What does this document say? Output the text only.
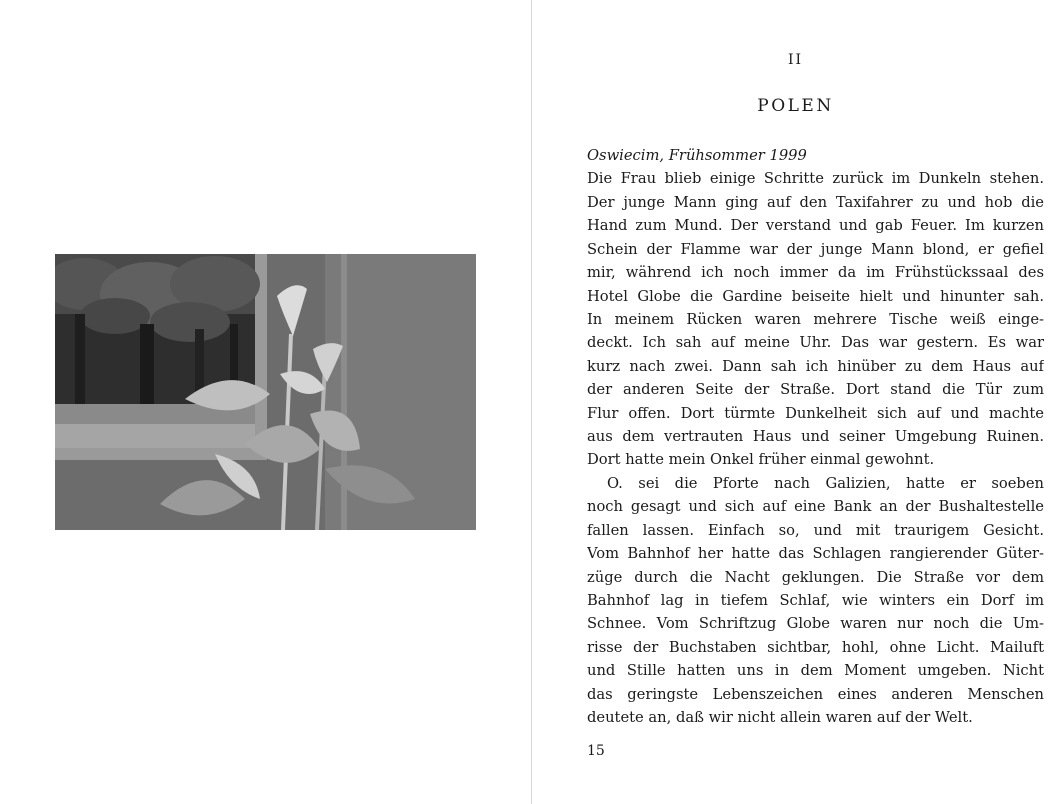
II
POLEN
Oswiecim, Frühsommer 1999
Die Frau blieb einige Schritte zurück im Dunkeln stehen.
Der junge Mann ging auf den Taxifahrer zu und hob die
Hand zum Mund. Der verstand und gab Feuer. Im kurzen
Schein der Flamme war der junge Mann blond, er gefiel
mir, während ich noch immer da im Frühstückssaal des
Hotel Globe die Gardine beiseite hielt und hinunter sah.
In meinem Rücken waren mehrere Tische weiß einge-
deckt. Ich sah auf meine Uhr. Das war gestern. Es war
kurz nach zwei. Dann sah ich hinüber zu dem Haus auf
der anderen Seite der Straße. Dort stand die Tür zum
Flur offen. Dort türmte Dunkelheit sich auf und machte
aus dem vertrauten Haus und seiner Umgebung Ruinen.
Dort hatte mein Onkel früher einmal gewohnt.
O. sei die Pforte nach Galizien, hatte er soeben
noch gesagt und sich auf eine Bank an der Bushaltestelle
fallen lassen. Einfach so, und mit traurigem Gesicht.
Vom Bahnhof her hatte das Schlagen rangierender Güter-
züge durch die Nacht geklungen. Die Straße vor dem
Bahnhof lag in tiefem Schlaf, wie winters ein Dorf im
Schnee. Vom Schriftzug Globe waren nur noch die Um-
risse der Buchstaben sichtbar, hohl, ohne Licht. Mailuft
und Stille hatten uns in dem Moment umgeben. Nicht
das geringste Lebenszeichen eines anderen Menschen
deutete an, daß wir nicht allein waren auf der Welt.
15
